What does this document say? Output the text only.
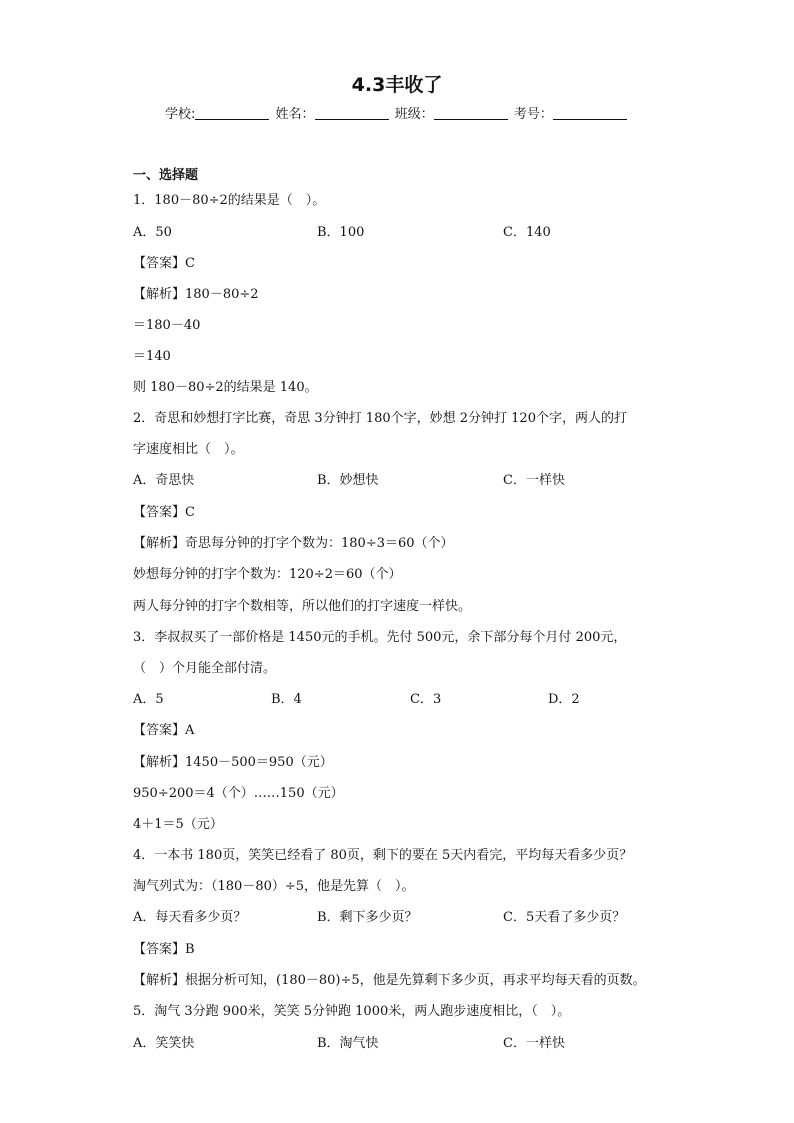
4.3丰收了
学校:	姓名：	班级：	考号：
一、选择题
1．180－80÷2的结果是（　）。
A．50	B．100	C．140
【答案】C
【解析】180－80÷2
＝180－40
＝140
则 180－80÷2的结果是 140。
2．奇思和妙想打字比赛，奇思 3分钟打 180个字，妙想 2分钟打 120个字，两人的打
字速度相比（　）。
A．奇思快	B．妙想快	C．一样快
【答案】C
【解析】奇思每分钟的打字个数为：180÷3＝60（个）
妙想每分钟的打字个数为：120÷2＝60（个）
两人每分钟的打字个数相等，所以他们的打字速度一样快。
3．李叔叔买了一部价格是 1450元的手机。先付 500元，余下部分每个月付 200元，
（　）个月能全部付清。
A．5	B．4	C．3	D．2
【答案】A
【解析】1450－500＝950（元）
950÷200＝4（个）……150（元）
4＋1＝5（元）
4．一本书 180页，笑笑已经看了 80页，剩下的要在 5天内看完，平均每天看多少页？
淘气列式为：（180－80）÷5，他是先算（　）。
A．每天看多少页？	B．剩下多少页？	C．5天看了多少页？
【答案】B
【解析】根据分析可知，(180－80)÷5，他是先算剩下多少页，再求平均每天看的页数。
5．淘气 3分跑 900米，笑笑 5分钟跑 1000米，两人跑步速度相比，（　）。
A．笑笑快	B．淘气快	C．一样快
